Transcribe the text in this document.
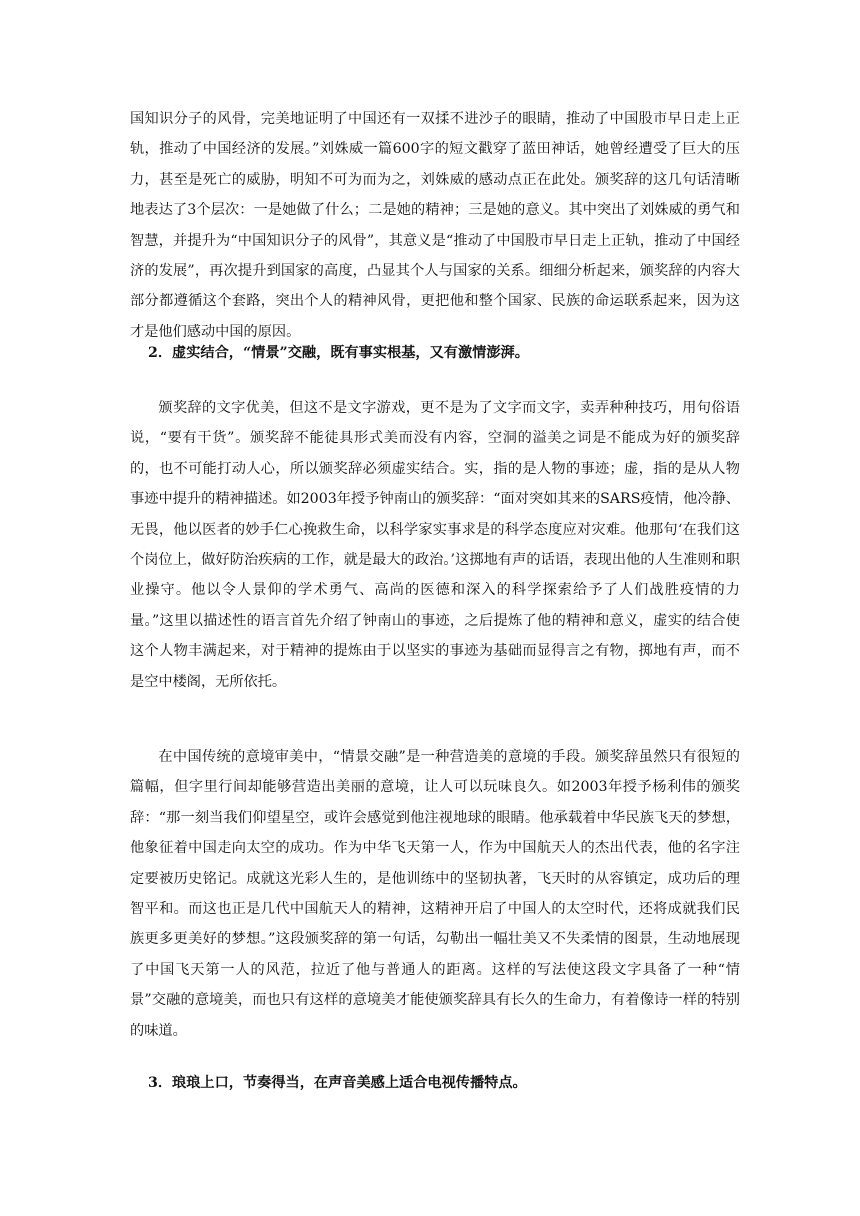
国知识分子的风骨，完美地证明了中国还有一双揉不进沙子的眼睛，推动了中国股市早日走上正轨，推动了中国经济的发展。”刘姝威一篇600字的短文戳穿了蓝田神话，她曾经遭受了巨大的压力，甚至是死亡的威胁，明知不可为而为之，刘姝威的感动点正在此处。颁奖辞的这几句话清晰地表达了3个层次：一是她做了什么；二是她的精神；三是她的意义。其中突出了刘姝威的勇气和智慧，并提升为“中国知识分子的风骨”，其意义是“推动了中国股市早日走上正轨，推动了中国经济的发展”，再次提升到国家的高度，凸显其个人与国家的关系。细细分析起来，颁奖辞的内容大部分都遵循这个套路，突出个人的精神风骨，更把他和整个国家、民族的命运联系起来，因为这才是他们感动中国的原因。

2．虚实结合，“情景”交融，既有事实根基，又有激情澎湃。

颁奖辞的文字优美，但这不是文字游戏，更不是为了文字而文字，卖弄种种技巧，用句俗语说，“要有干货”。颁奖辞不能徒具形式美而没有内容，空洞的溢美之词是不能成为好的颁奖辞的，也不可能打动人心，所以颁奖辞必须虚实结合。实，指的是人物的事迹；虚，指的是从人物事迹中提升的精神描述。如2003年授予钟南山的颁奖辞：“面对突如其来的SARS疫情，他冷静、无畏，他以医者的妙手仁心挽救生命，以科学家实事求是的科学态度应对灾难。他那句‘在我们这个岗位上，做好防治疾病的工作，就是最大的政治。’这掷地有声的话语，表现出他的人生准则和职业操守。他以令人景仰的学术勇气、高尚的医德和深入的科学探索给予了人们战胜疫情的力量。”这里以描述性的语言首先介绍了钟南山的事迹，之后提炼了他的精神和意义，虚实的结合使这个人物丰满起来，对于精神的提炼由于以坚实的事迹为基础而显得言之有物，掷地有声，而不是空中楼阁，无所依托。

在中国传统的意境审美中，“情景交融”是一种营造美的意境的手段。颁奖辞虽然只有很短的篇幅，但字里行间却能够营造出美丽的意境，让人可以玩味良久。如2003年授予杨利伟的颁奖辞：“那一刻当我们仰望星空，或许会感觉到他注视地球的眼睛。他承载着中华民族飞天的梦想，他象征着中国走向太空的成功。作为中华飞天第一人，作为中国航天人的杰出代表，他的名字注定要被历史铭记。成就这光彩人生的，是他训练中的坚韧执著，飞天时的从容镇定，成功后的理智平和。而这也正是几代中国航天人的精神，这精神开启了中国人的太空时代，还将成就我们民族更多更美好的梦想。”这段颁奖辞的第一句话，勾勒出一幅壮美又不失柔情的图景，生动地展现了中国飞天第一人的风范，拉近了他与普通人的距离。这样的写法使这段文字具备了一种“情景”交融的意境美，而也只有这样的意境美才能使颁奖辞具有长久的生命力，有着像诗一样的特别的味道。

3．琅琅上口，节奏得当，在声音美感上适合电视传播特点。
